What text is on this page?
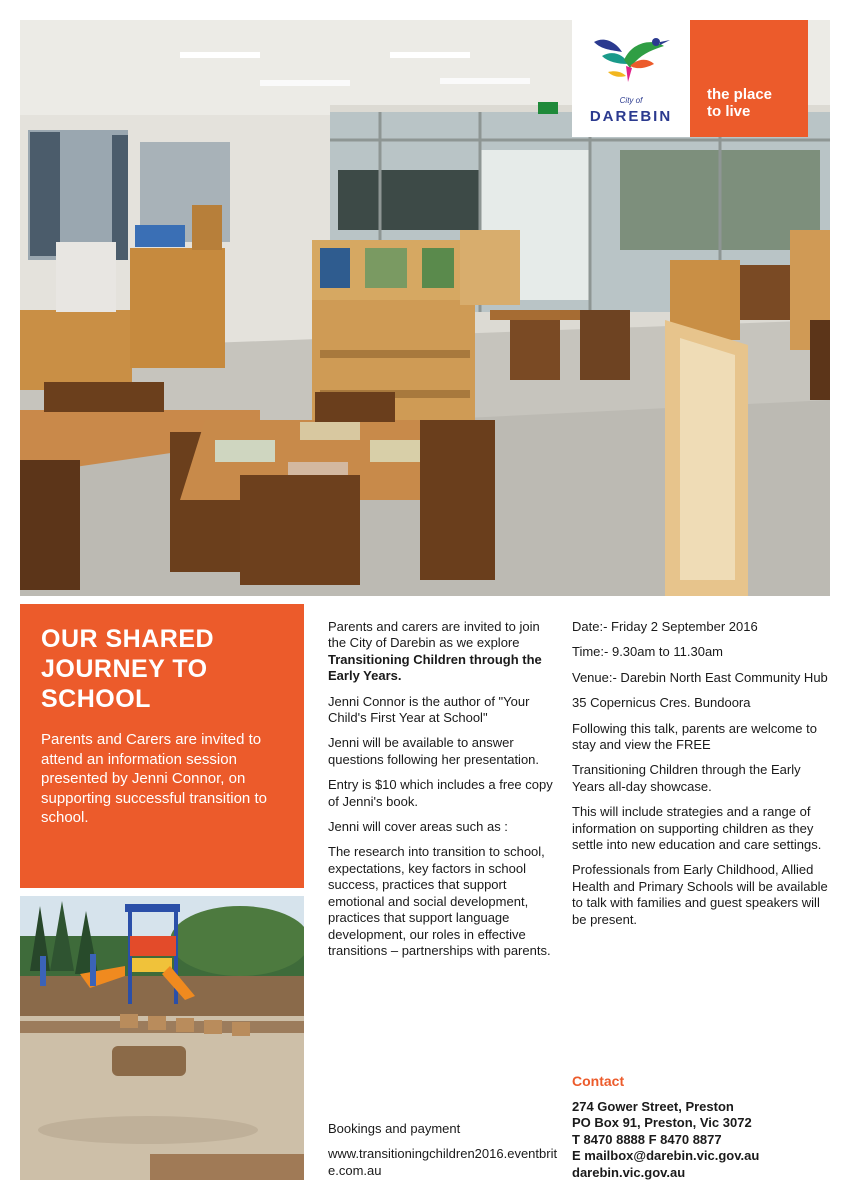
City of
DAREBIN
the place
to live
OUR SHARED
JOURNEY TO
SCHOOL

Parents and Carers are invited to attend an information session presented by Jenni Connor, on supporting successful transition to school.

Parents and carers are invited to join the City of Darebin as we explore Transitioning Children through the Early Years.

Jenni Connor is the author of "Your Child's First Year at School"

Jenni will be available to answer questions following her presentation.

Entry is $10 which includes a free copy of Jenni's book.

Jenni will cover areas such as :

The research into transition to school, expectations, key factors in school success, practices that support emotional and social development, practices that support language development, our roles in effective transitions – partnerships with parents.

Bookings and payment

www.transitioningchildren2016.eventbrite.com.au

Date:- Friday 2 September 2016

Time:- 9.30am to 11.30am

Venue:- Darebin North East Community Hub

35 Copernicus Cres. Bundoora

Following this talk, parents are welcome to stay and view the FREE

Transitioning Children through the Early Years all-day showcase.

This will include strategies and a range of information on supporting children as they settle into new education and care settings.

Professionals from Early Childhood, Allied Health and Primary Schools will be available to talk with families and guest speakers will be present.

Contact
274 Gower Street, Preston
PO Box 91, Preston, Vic 3072
T 8470 8888 F 8470 8877
E mailbox@darebin.vic.gov.au
darebin.vic.gov.au
